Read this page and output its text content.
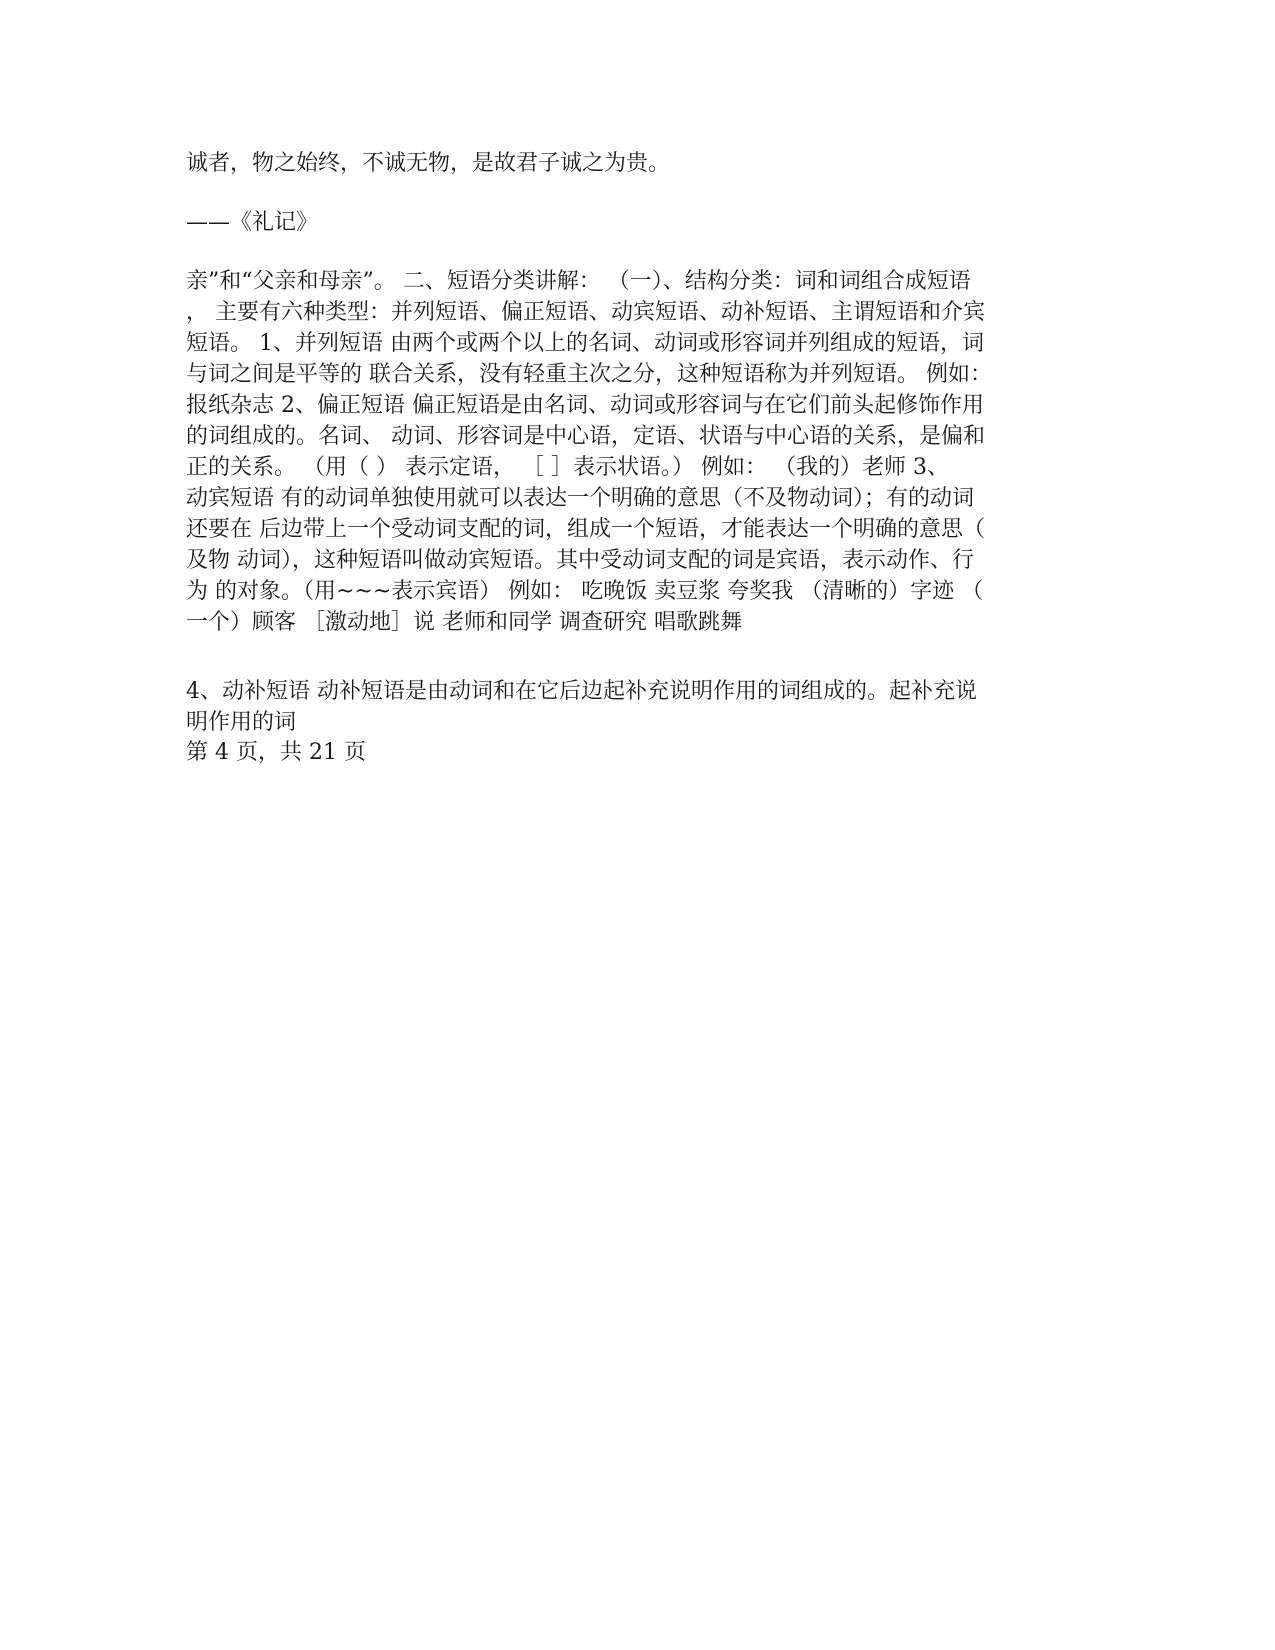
诚者，物之始终，不诚无物，是故君子诚之为贵。
——《礼记》
亲”和“父亲和母亲”。 二、短语分类讲解： （一）、结构分类：词和词组合成短语
， 主要有六种类型：并列短语、偏正短语、动宾短语、动补短语、主谓短语和介宾
短语。 1、并列短语 由两个或两个以上的名词、动词或形容词并列组成的短语，词
与词之间是平等的 联合关系，没有轻重主次之分，这种短语称为并列短语。 例如：
报纸杂志 2、偏正短语 偏正短语是由名词、动词或形容词与在它们前头起修饰作用
的词组成的。名词、 动词、形容词是中心语，定语、状语与中心语的关系，是偏和
正的关系。 （用（ ） 表示定语， ［ ］表示状语。） 例如： （我的）老师 3、
动宾短语 有的动词单独使用就可以表达一个明确的意思（不及物动词）；有的动词
还要在 后边带上一个受动词支配的词，组成一个短语，才能表达一个明确的意思（
及物 动词），这种短语叫做动宾短语。其中受动词支配的词是宾语，表示动作、行
为 的对象。（用~~~表示宾语） 例如： 吃晚饭 卖豆浆 夸奖我 （清晰的）字迹 （
一个）顾客 ［激动地］说 老师和同学 调查研究 唱歌跳舞
4、动补短语 动补短语是由动词和在它后边起补充说明作用的词组成的。起补充说
明作用的词
第 4 页，共 21 页
